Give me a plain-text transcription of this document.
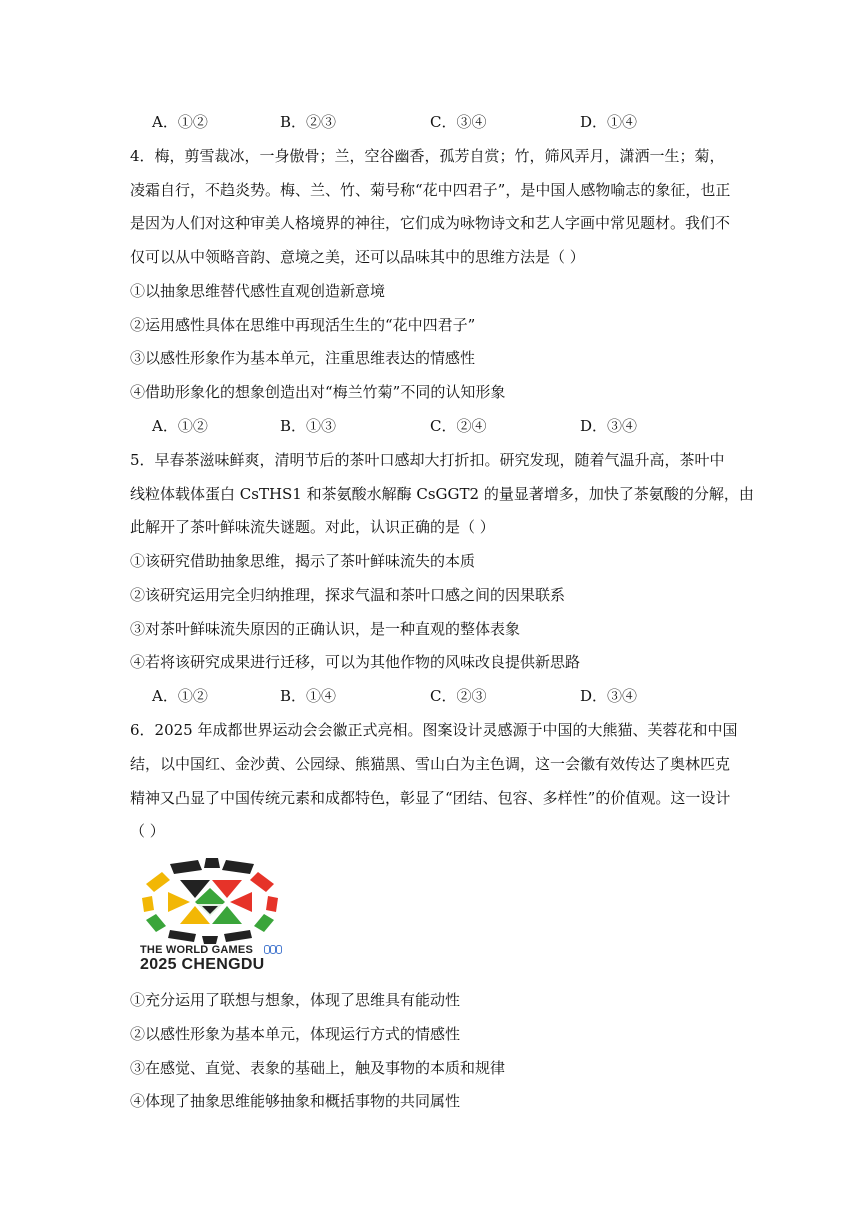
A．①②	B．②③	C．③④	D．①④
4．梅，剪雪裁冰，一身傲骨；兰，空谷幽香，孤芳自赏；竹，筛风弄月，潇洒一生；菊，
凌霜自行，不趋炎势。梅、兰、竹、菊号称“花中四君子”，是中国人感物喻志的象征，也正
是因为人们对这种审美人格境界的神往，它们成为咏物诗文和艺人字画中常见题材。我们不
仅可以从中领略音韵、意境之美，还可以品味其中的思维方法是（ ）
①以抽象思维替代感性直观创造新意境
②运用感性具体在思维中再现活生生的“花中四君子”
③以感性形象作为基本单元，注重思维表达的情感性
④借助形象化的想象创造出对“梅兰竹菊”不同的认知形象
A．①②	B．①③	C．②④	D．③④
5．早春茶滋味鲜爽，清明节后的茶叶口感却大打折扣。研究发现，随着气温升高，茶叶中
线粒体载体蛋白 CsTHS1 和茶氨酸水解酶 CsGGT2 的量显著增多，加快了茶氨酸的分解，由
此解开了茶叶鲜味流失谜题。对此，认识正确的是（ ）
①该研究借助抽象思维，揭示了茶叶鲜味流失的本质
②该研究运用完全归纳推理，探求气温和茶叶口感之间的因果联系
③对茶叶鲜味流失原因的正确认识，是一种直观的整体表象
④若将该研究成果进行迁移，可以为其他作物的风味改良提供新思路
A．①②	B．①④	C．②③	D．③④
6．2025 年成都世界运动会会徽正式亮相。图案设计灵感源于中国的大熊猫、芙蓉花和中国
结，以中国红、金沙黄、公园绿、熊猫黑、雪山白为主色调，这一会徽有效传达了奥林匹克
精神又凸显了中国传统元素和成都特色，彰显了“团结、包容、多样性”的价值观。这一设计
（ ）
THE WORLD GAMES
2025 CHENGDU
①充分运用了联想与想象，体现了思维具有能动性
②以感性形象为基本单元，体现运行方式的情感性
③在感觉、直觉、表象的基础上，触及事物的本质和规律
④体现了抽象思维能够抽象和概括事物的共同属性
